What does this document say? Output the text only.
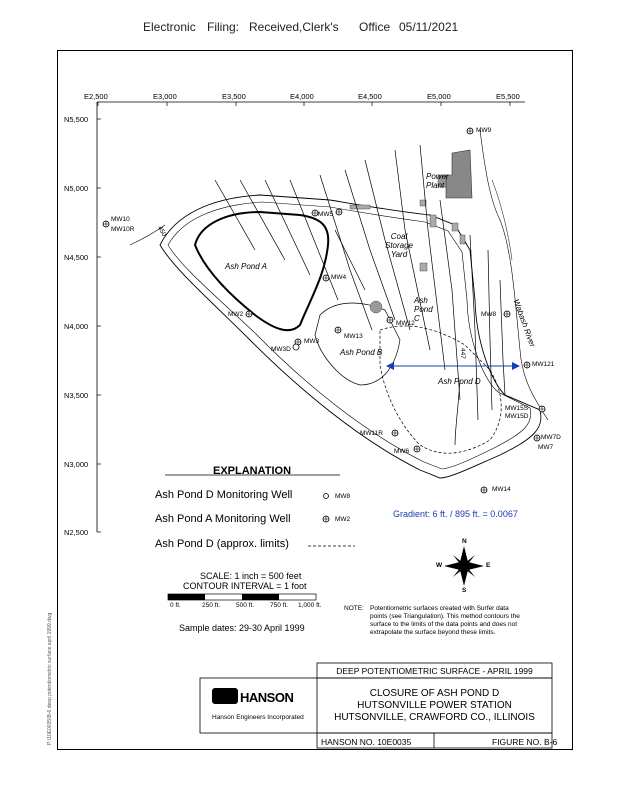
Electronic Filing: Received,Clerk's Office 05/11/2021
E2,500	E3,000	E3,500	E4,000	E4,500	E5,000	E5,500
N5,500
N5,000
N4,500
N4,000
N3,500
N3,000
N2,500
Ash Pond A
Ash Pond B
Ash Pond C
Ash Pond D
Power Plant
Coal Storage Yard
Wabash River
447
450
Gradient: 6 ft. / 895 ft. = 0.0067
MW9
MW10
MW10R
MW5
MW4
MW2
MW3
MW3D
MW13
MW12
MW8
MW121
MW11R
MW6
MW14
MW15S
MW15D
MW7D
MW7
EXPLANATION
Ash Pond D Monitoring Well	MW8
Ash Pond A Monitoring Well	MW2
Ash Pond D (approx. limits)
SCALE: 1 inch = 500 feet
CONTOUR INTERVAL = 1 foot
0 ft.	250 ft. 500 ft. 750 ft. 1,000 ft.
Sample dates: 29-30 April 1999
NOTE: Potentiometric surfaces created with Surfer data
points (see Triangulation). This method contours the
surface to the limits of the data points and does not
extrapolate the surface beyond these limits.
N
S
E
W
DEEP POTENTIOMETRIC SURFACE - APRIL 1999
HANSON
Hanson Engineers Incorporated
CLOSURE OF ASH POND D
HUTSONVILLE POWER STATION
HUTSONVILLE, CRAWFORD CO., ILLINOIS
HANSON NO. 10E0035	FIGURE NO. B-6
P:\10E0035\B-6 deep potentiometric surface april 1999.dwg
